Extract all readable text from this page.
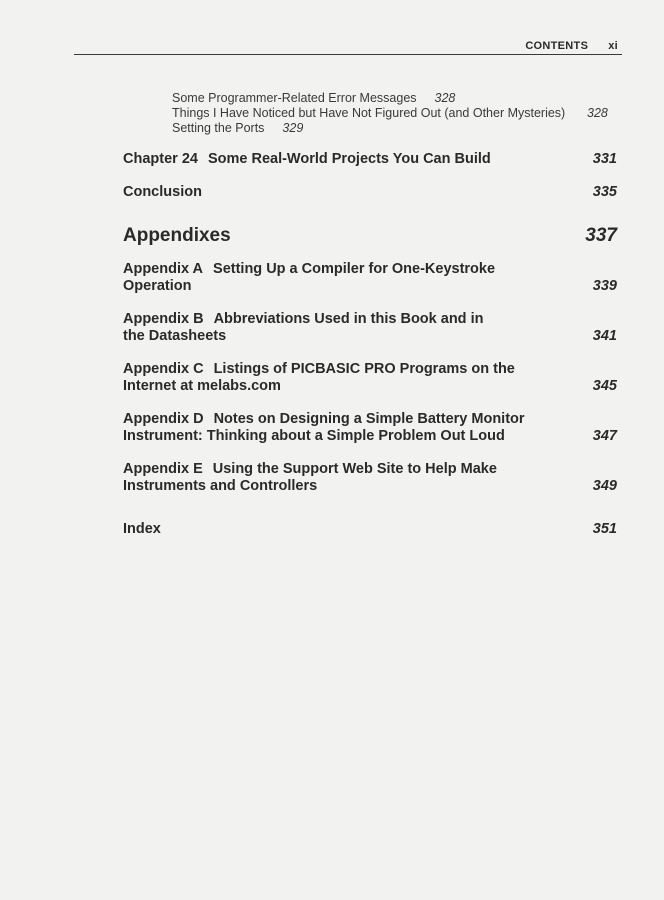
CONTENTS xi
Some Programmer-Related Error Messages 328
Things I Have Noticed but Have Not Figured Out (and Other Mysteries) 328
Setting the Ports 329
Chapter 24 Some Real-World Projects You Can Build	331
Conclusion	335
Appendixes	337
Appendix A Setting Up a Compiler for One-Keystroke
Operation	339
Appendix B Abbreviations Used in this Book and in
the Datasheets	341
Appendix C Listings of PICBASIC PRO Programs on the
Internet at melabs.com	345
Appendix D Notes on Designing a Simple Battery Monitor
Instrument: Thinking about a Simple Problem Out Loud	347
Appendix E Using the Support Web Site to Help Make
Instruments and Controllers	349
Index	351
